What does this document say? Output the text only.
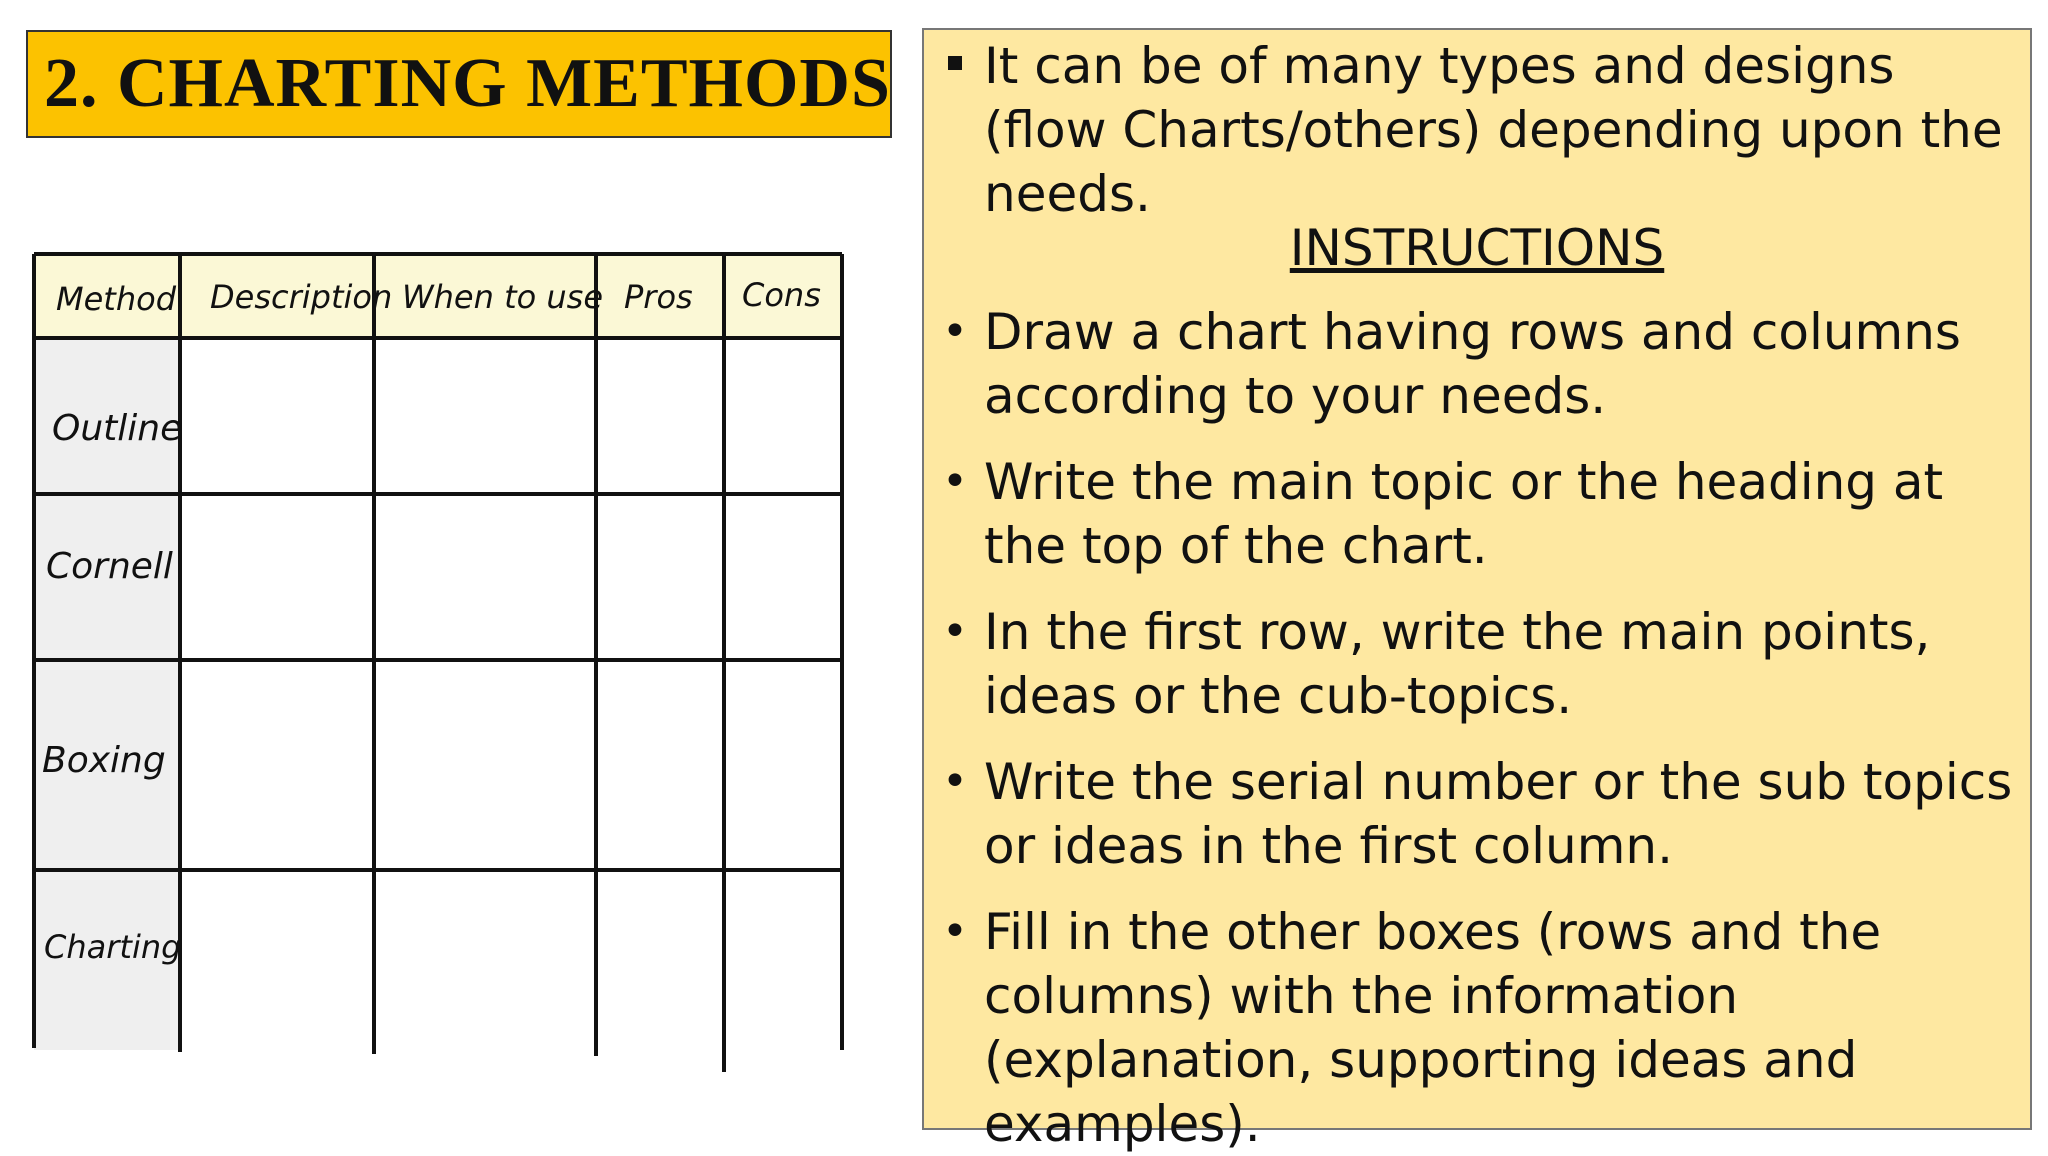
2. CHARTING METHODS
Method Description When to use Pros Cons
Outline
Cornell
Boxing
Charting
It can be of many types and designs (flow Charts/others) depending upon the needs.
INSTRUCTIONS
• Draw a chart having rows and columns according to your needs.
• Write the main topic or the heading at the top of the chart.
• In the first row, write the main points, ideas or the cub-topics.
• Write the serial number or the sub topics or ideas in the first column.
• Fill in the other boxes (rows and the columns) with the information (explanation, supporting ideas and examples).
